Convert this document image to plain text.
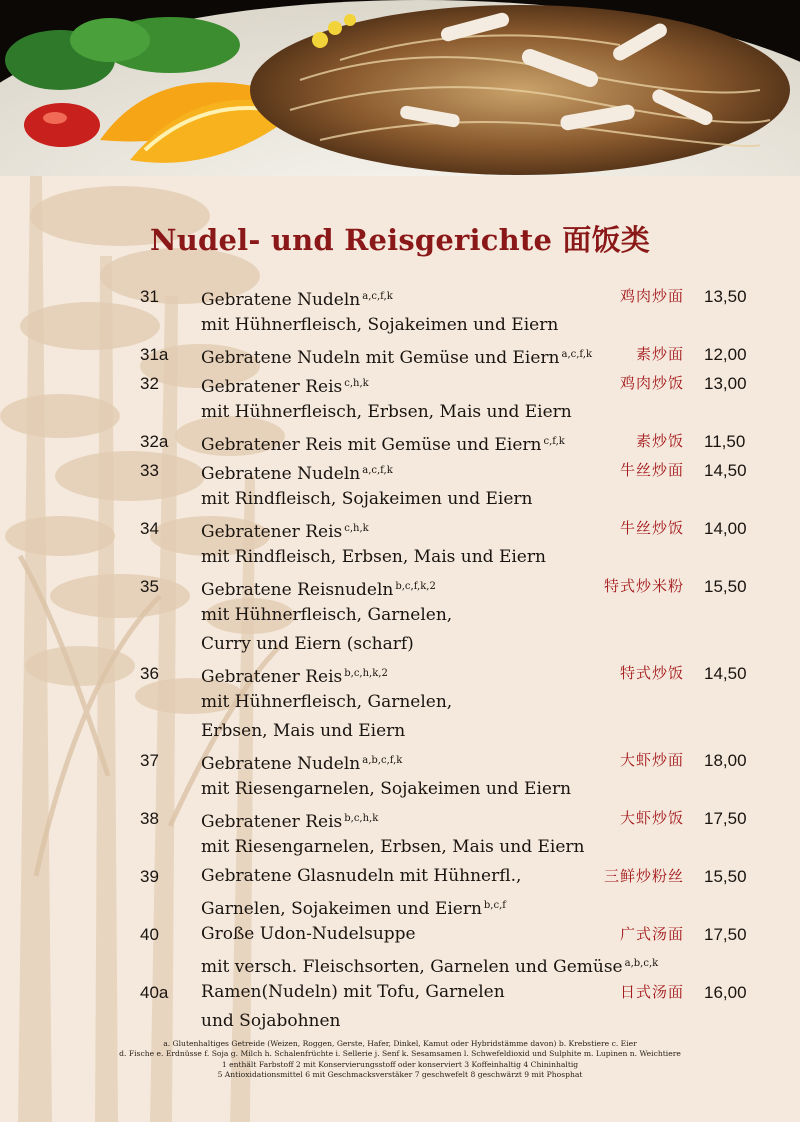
Nudel- und Reisgerichte 面饭类
31 Gebratene Nudeln $^{a,c,f,k}$	鸡肉炒面 13,50
mit Hühnerfleisch, Sojakeimen und Eiern
31a Gebratene Nudeln mit Gemüse und Eiern $^{a,c,f,k}$	素炒面 12,00
32 Gebratener Reis $^{c,h,k}$	鸡肉炒饭 13,00
mit Hühnerfleisch, Erbsen, Mais und Eiern
32a Gebratener Reis mit Gemüse und Eiern $^{c,f,k}$	素炒饭 11,50
33 Gebratene Nudeln $^{a,c,f,k}$	牛丝炒面 14,50
mit Rindfleisch, Sojakeimen und Eiern
34 Gebratener Reis $^{c,h,k}$	牛丝炒饭 14,00
mit Rindfleisch, Erbsen, Mais und Eiern
35 Gebratene Reisnudeln $^{b,c,f,k,2}$	特式炒米粉 15,50
mit Hühnerfleisch, Garnelen,
Curry und Eiern (scharf)
36 Gebratener Reis $^{b,c,h,k,2}$	特式炒饭 14,50
mit Hühnerfleisch, Garnelen,
Erbsen, Mais und Eiern
37 Gebratene Nudeln $^{a,b,c,f,k}$	大虾炒面 18,00
mit Riesengarnelen, Sojakeimen und Eiern
38 Gebratener Reis $^{b,c,h,k}$	大虾炒饭 17,50
mit Riesengarnelen, Erbsen, Mais und Eiern
39 Gebratene Glasnudeln mit Hühnerfl.,	三鲜炒粉丝 15,50
Garnelen, Sojakeimen und Eiern $^{b,c,f}$
40 Große Udon-Nudelsuppe	广式汤面 17,50
mit versch. Fleischsorten, Garnelen und Gemüse $^{a,b,c,k}$
40a Ramen(Nudeln) mit Tofu, Garnelen	日式汤面 16,00
und Sojabohnen
a. Glutenhaltiges Getreide (Weizen, Roggen, Gerste, Hafer, Dinkel, Kamut oder Hybridstämme davon) b. Krebstiere c. Eier
d. Fische e. Erdnüsse f. Soja g. Milch h. Schalenfrüchte i. Sellerie j. Senf k. Sesamsamen l. Schwefeldioxid und Sulphite m. Lupinen n. Weichtiere
1 enthält Farbstoff 2 mit Konservierungsstoff oder konserviert 3 Koffeinhaltig 4 Chininhaltig
5 Antioxidationsmittel 6 mit Geschmacksverstäker 7 geschwefelt 8 geschwärzt 9 mit Phosphat
